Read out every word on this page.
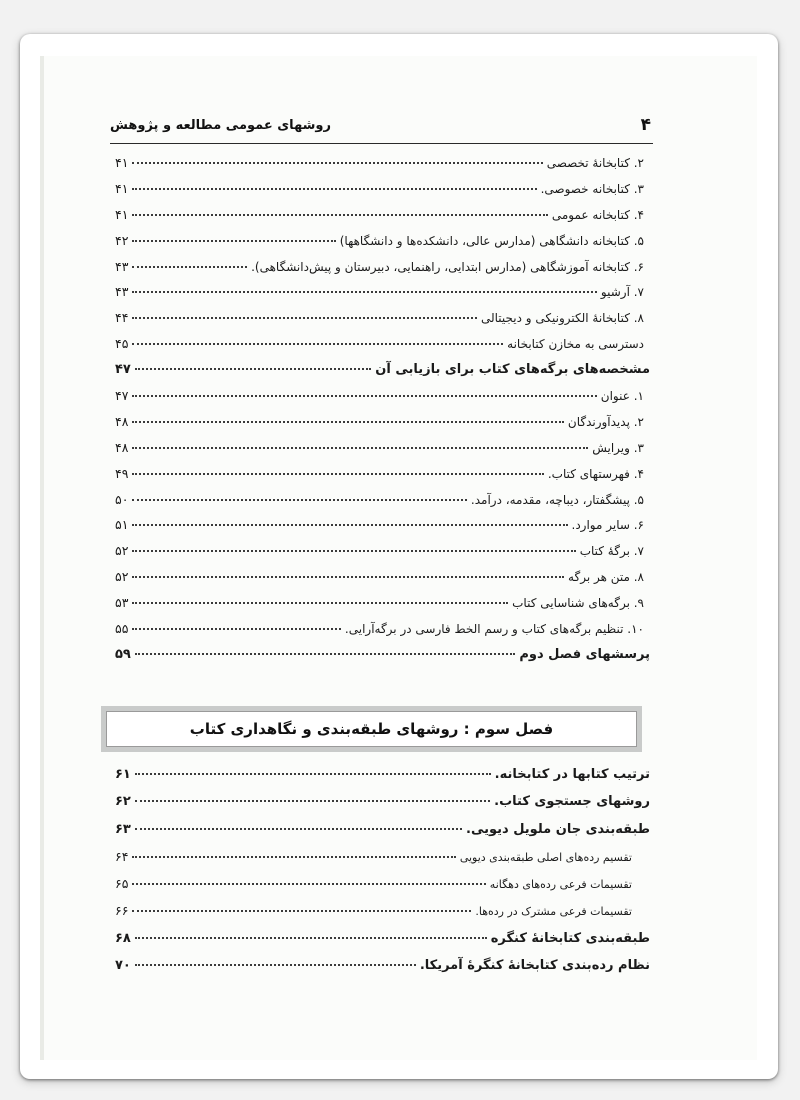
۴
روشهای عمومی مطالعه و پژوهش
۲. کتابخانهٔ تخصصی
۴۱
۳. کتابخانه خصوصی.
۴۱
۴. کتابخانه عمومی
۴۱
۵. کتابخانه دانشگاهی (مدارس عالی، دانشکده‌ها و دانشگاهها)
۴۲
۶. کتابخانه آموزشگاهی (مدارس ابتدایی، راهنمایی، دبیرستان و پیش‌دانشگاهی).
۴۳
۷. آرشیو
۴۳
۸. کتابخانهٔ الکترونیکی و دیجیتالی
۴۴
دسترسی به مخازن کتابخانه
۴۵
مشخصه‌های برگه‌های کتاب برای بازیابی آن
۴۷
۱. عنوان
۴۷
۲. پدیدآورندگان
۴۸
۳. ویرایش
۴۸
۴. فهرستهای کتاب.
۴۹
۵. پیشگفتار، دیباچه، مقدمه، درآمد.
۵۰
۶. سایر موارد.
۵۱
۷. برگهٔ کتاب
۵۲
۸. متن هر برگه
۵۲
۹. برگه‌های شناسایی کتاب
۵۳
۱۰. تنظیم برگه‌های کتاب و رسم الخط فارسی در برگه‌آرایی.
۵۵
پرسشهای فصل دوم
۵۹
فصل سوم : روشهای طبقه‌بندی و نگاهداری کتاب
ترتیب کتابها در کتابخانه.
۶۱
روشهای جستجوی کتاب.
۶۲
طبقه‌بندی جان ملویل دیویی.
۶۳
تقسیم رده‌های اصلی طبقه‌بندی دیویی
۶۴
تقسیمات فرعی رده‌های دهگانه
۶۵
تقسیمات فرعی مشترک در رده‌ها.
۶۶
طبقه‌بندی کتابخانهٔ کنگره
۶۸
نظام رده‌بندی کتابخانهٔ کنگرهٔ آمریکا.
۷۰
